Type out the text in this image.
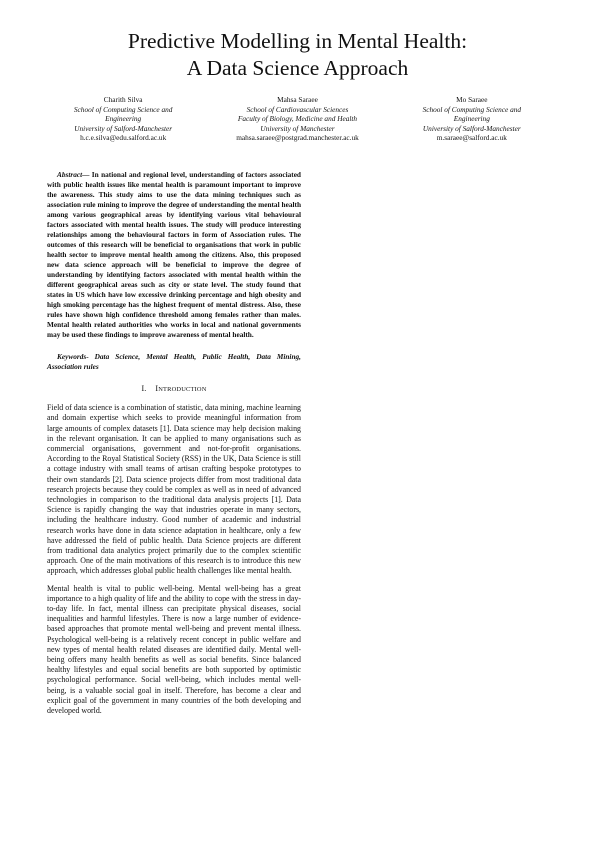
Predictive Modelling in Mental Health:
A Data Science Approach
Charith Silva
School of Computing Science and
Engineering
University of Salford-Manchester
h.c.e.silva@edu.salford.ac.uk
Mahsa Saraee
School of Cardiovascular Sciences
Faculty of Biology, Medicine and Health
University of Manchester
mahsa.saraee@postgrad.manchester.ac.uk
Mo Saraee
School of Computing Science and
Engineering
University of Salford-Manchester
m.saraee@salford.ac.uk

Abstract— In national and regional level, understanding of factors associated with public health issues like mental health is paramount important to improve the awareness. This study aims to use the data mining techniques such as association rule mining to improve the degree of understanding the mental health among various geographical areas by identifying various vital behavioural factors associated with mental health issues. The study will produce interesting relationships among the behavioural factors in form of Association rules. The outcomes of this research will be beneficial to organisations that work in public health sector to improve mental health among the citizens. Also, this proposed new data science approach will be beneficial to improve the degree of understanding by identifying factors associated with mental health within the different geographical areas such as city or state level. The study found that states in US which have low excessive drinking percentage and high obesity and high smoking percentage has the highest frequent of mental distress. Also, these rules have shown high confidence threshold among females rather than males. Mental health related authorities who works in local and national governments may be used these findings to improve awareness of mental health.

Keywords- Data Science, Mental Health, Public Health, Data Mining, Association rules

I. INTRODUCTION

Field of data science is a combination of statistic, data mining, machine learning and domain expertise which seeks to provide meaningful information from large amounts of complex datasets [1]. Data science may help decision making in the relevant organisation. It can be applied to many organisations such as commercial organisations, government and not-for-profit organisations. According to the Royal Statistical Society (RSS) in the UK, Data Science is still a cottage industry with small teams of artisan crafting bespoke prototypes to their own standards [2]. Data science projects differ from most traditional data research projects because they could be complex as well as in need of advanced technologies in comparison to the traditional data analysis projects [1]. Data Science is rapidly changing the way that industries operate in many sectors, including the healthcare industry. Good number of academic and industrial research works have done in data science adaptation in healthcare, only a few have addressed the field of public health. Data Science projects are different from traditional data analytics project primarily due to the complex scientific approach. One of the main motivations of this research is to introduce this new approach, which addresses global public health challenges like mental health.

Mental health is vital to public well-being. Mental well-being has a great importance to a high quality of life and the ability to cope with the stress in day-to-day life. In fact, mental illness can precipitate physical diseases, social inequalities and harmful lifestyles. There is now a large number of evidence-based approaches that promote mental well-being and prevent mental illness. Psychological well-being is a relatively recent concept in public welfare and new types of mental health related diseases are identified daily. Mental well-being offers many health benefits as well as social benefits. Since balanced healthy lifestyles and equal social benefits are both supported by optimistic psychological performance. Social well-being, which includes mental well-being, is a valuable social goal in itself. Therefore, has become a clear and explicit goal of the government in many countries of the both developing and developed world.
